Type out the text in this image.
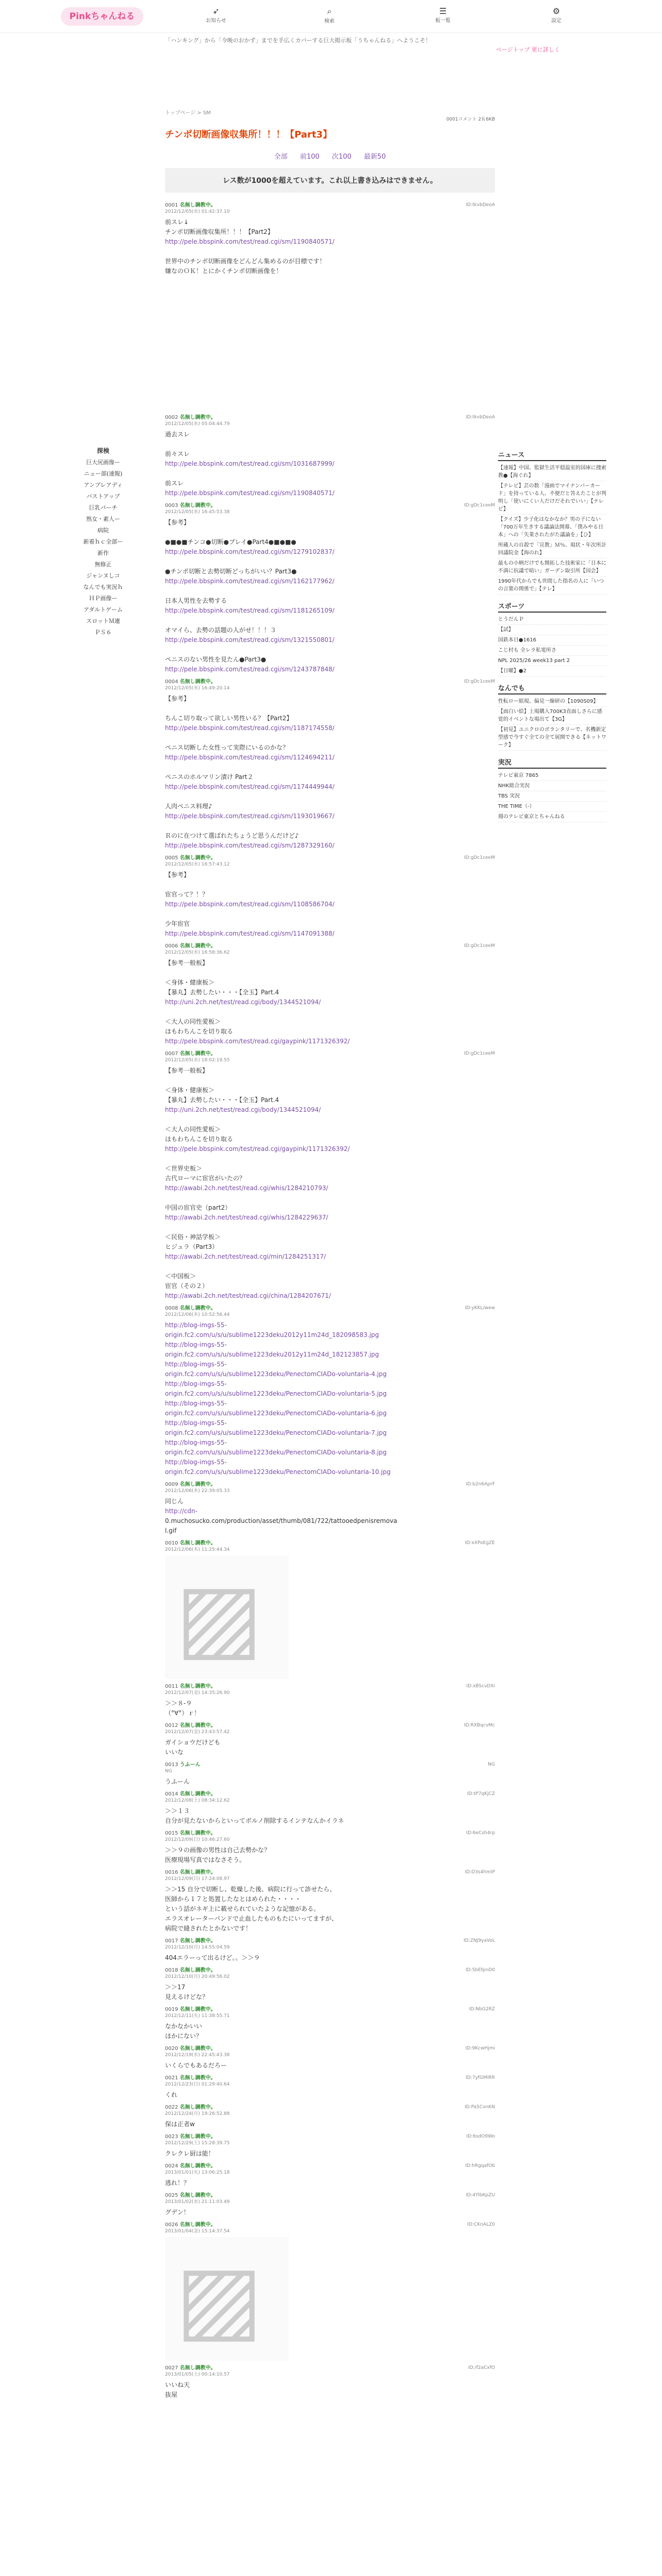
Pinkちゃんねる
➶
お知らせ
⌕
検索
☰
板一覧
⚙
設定
「ハンキング」から「今晩のおかず」までを手広くカバーする巨大掲示板「うちゃんねる」へようこそ！
ページトップ 更に詳しく
探検
巨大尻画像ー
ニュー部(速報)
アンブレアディ
バストアップ
巨乳パーチ
熟女・素人ー
病院
新着ｈｃ全部ー
新作
無修正
ジャンヌしコ
なんでも実況ｈ
ＨＰ画像ー
アダルトゲーム
スロットＭ連
ＰＳ６
トップページ > SM
0001コメント 2Ｋ6KB
チンポ切断画像収集所！！！【Part3】
全部 前100 次100 最新50
レス数が1000を超えています。これ以上書き込みはできません。
0001 名無し調教中。	ID:tkvbDeoA
2012/12/05(水) 01:42:37.10
前スレ↓
チンポ切断画像収集所！！！【Part2】
http://pele.bbspink.com/test/read.cgi/sm/1190840571/
世界中のチンポ切断画像をどんどん集めるのが目標です！
嫌なのＯＫ！とにかくチンポ切断画像を！
0002 名無し調教中。	ID:tkvbDeoA
2012/12/05(水) 05:04:44.79
過去スレ
前々スレ
http://pele.bbspink.com/test/read.cgi/sm/1031687999/
前スレ
http://pele.bbspink.com/test/read.cgi/sm/1190840571/
0003 名無し調教中。	ID:gDc1ceeM
2012/12/05(水) 16:45:53.38
【参考】
●■●■チンコ●切断●プレイ●Part4●■●■●
http://pele.bbspink.com/test/read.cgi/sm/1279102837/
●チンポ切断と去勢切断どっちがいい？Part3●
http://pele.bbspink.com/test/read.cgi/sm/1162177962/
日本人男性を去勢する
http://pele.bbspink.com/test/read.cgi/sm/1181265109/
オマイら、去勢の話題の人がせ！！！３
http://pele.bbspink.com/test/read.cgi/sm/1321550801/
ペニスのない男性を見たん●Part3●
http://pele.bbspink.com/test/read.cgi/sm/1243787848/
0004 名無し調教中。	ID:gDc1ceeM
2012/12/05(水) 16:49:20.14
【参考】
ちんこ切り取って欲しい男性いる？【Part2】
http://pele.bbspink.com/test/read.cgi/sm/1187174558/
ペニス切断した女性って実際にいるのかな？
http://pele.bbspink.com/test/read.cgi/sm/1124694211/
ペニスのホルマリン漬け Part２
http://pele.bbspink.com/test/read.cgi/sm/1174449944/
人肉ペニス料理♪
http://pele.bbspink.com/test/read.cgi/sm/1193019667/
Ｒのに在つけて選ばれたちょうど思うんだけど♪
http://pele.bbspink.com/test/read.cgi/sm/1287329160/
0005 名無し調教中。	ID:gDc1ceeM
2012/12/05(水) 16:57:43.12
【参考】
宦官って？！？
http://pele.bbspink.com/test/read.cgi/sm/1108586704/
少年宦官
http://pele.bbspink.com/test/read.cgi/sm/1147091388/
0006 名無し調教中。	ID:gDc1ceeM
2012/12/05(水) 16:58:36.62
【参考一般板】
＜身体・健康板＞
【暴丸】去勢したい・・・【全玉】Part.4
http://uni.2ch.net/test/read.cgi/body/1344521094/
＜大人の同性愛板＞
ほもわちんこを切り取る
http://pele.bbspink.com/test/read.cgi/gaypink/1171326392/
0007 名無し調教中。	ID:gDc1ceeM
2012/12/05(水) 18:02:19.55
【参考一般板】
＜身体・健康板＞
【暴丸】去勢したい・・・【全玉】Part.4
http://uni.2ch.net/test/read.cgi/body/1344521094/
＜大人の同性愛板＞
ほもわちんこを切り取る
http://pele.bbspink.com/test/read.cgi/gaypink/1171326392/
＜世界史板＞
古代ローマに宦官がいたの？
http://awabi.2ch.net/test/read.cgi/whis/1284210793/
中国の宦官史（part2）
http://awabi.2ch.net/test/read.cgi/whis/1284229637/
＜民俗・神話学板＞
ヒジュラ（Part3）
http://awabi.2ch.net/test/read.cgi/min/1284251317/
＜中国板＞
宦官（その２）
http://awabi.2ch.net/test/read.cgi/china/1284207671/
0008 名無し調教中。	ID:yKKL/wew
2012/12/06(木) 10:52:56.44
http://blog-imgs-55-
origin.fc2.com/u/s/u/sublime1223deku2012y11m24d_182098583.jpg
http://blog-imgs-55-
origin.fc2.com/u/s/u/sublime1223deku2012y11m24d_182123857.jpg
http://blog-imgs-55-
origin.fc2.com/u/s/u/sublime1223deku/PenectomCIADo-voluntaria-4.jpg
http://blog-imgs-55-
origin.fc2.com/u/s/u/sublime1223deku/PenectomCIADo-voluntaria-5.jpg
http://blog-imgs-55-
origin.fc2.com/u/s/u/sublime1223deku/PenectomCIADo-voluntaria-6.jpg
http://blog-imgs-55-
origin.fc2.com/u/s/u/sublime1223deku/PenectomCIADo-voluntaria-7.jpg
http://blog-imgs-55-
origin.fc2.com/u/s/u/sublime1223deku/PenectomCIADo-voluntaria-8.jpg
http://blog-imgs-55-
origin.fc2.com/u/s/u/sublime1223deku/PenectomCIADo-voluntaria-10.jpg
0009 名無し調教中。	ID:b2n6AprF
2012/12/06(木) 22:39:05.33
同じん
http://cdn-
0.muchosucko.com/production/asset/thumb/081/722/tattooedpenisremova
l.gif
0010 名無し調教中。	ID:xXPoEgZE
2012/12/06(木) 11:25:44.34
▨
0011 名無し調教中。	ID:xBScvDXi
2012/12/07(金) 14:35:26.90
＞＞８-９
（°∀°）ｒ！
0012 名無し調教中。	ID:RXBqcvMc
2012/12/07(金) 23:43:57.42
ガイショウだけども
いいな
0013 うふーん	NG
NG
うふーん
0014 名無し調教中。	ID:tP7qKjCZ
2012/12/08(土) 08:34:12.62
＞＞１３
自分が見たないからといってボルノ削除するインテなんかイラネ
0015 名無し調教中。	ID:6eCsh4rp
2012/12/09(日) 10:46:27.60
＞＞９の画像の男性は自己去勢かな？
医療現場写真ではなさそう。
0016 名無し調教中。	ID:D3s4hmIP
2012/12/09(日) 17:24:08.97
＞＞15 自分で切断し、乾燥した後、病院に行って診せたら、
医師から１７と処置したなとはめられた・・・・
という話がネギ上に載せられていたような記憶がある。
エラスオレーターパンドで止血したものもたにいってますが、
病院で縫されたとかないです！
0017 名無し調教中。	ID:ZNJ9yaVoL
2012/12/10(月) 14:55:04.59
404エラーって出るけど。。＞＞９
0018 名無し調教中。	ID:5bEfpnD0
2012/12/10(月) 20:49:56.02
＞＞17
見えるけどな？
0019 名無し調教中。	ID:NbG2RZ
2012/12/11(火) 11:38:55.71
なかなかいい
ほかにない？
0020 名無し調教中。	ID:9KcwHjmi
2012/12/19(水) 22:45:43.38
いくらでもあるだろー
0021 名無し調教中。	ID:7yfGMIRR
2012/12/23(日) 01:29:40.64
くれ
0022 名無し調教中。	ID:Pa5CvnKN
2012/12/24(月) 19:26:52.88
保は正者w
0023 名無し調教中。	ID:6sdO9Wo
2012/12/29(土) 15:28:39.75
クレクレ厨は能！
0024 名無し調教中。	ID:hRgqafOb
2013/01/01(火) 13:06:25.18
逃れ！？
0025 名無し調教中。	ID:4YlbKpZU
2013/01/02(水) 21:11:03.49
グデン！
0026 名無し調教中。	ID:CKnALZ0
2013/01/04(金) 15:14:37.54
▨
0027 名無し調教中。	ID:/f2aCxfO
2013/01/05(土) 00:14:10.57
いいね天
抜屋
ニュース
【速報】中国、監獄生活平穏温室的国庫に捜索教●【海ぐれ】
【テレビ】芸の数「漫画でマイナンバーカード」を持っている人、不便だと答えたことが判明し「使いにくい人だけだそれでいい」【テレビ】
【クイズ】少子化はなかなか？男の子にない「700万年生きする議論法開幕、「僕みやる日本」への「失業されたがた議論を」【ひ】
所蔵人の自殺で「宣教」Ｍ％、現状・年次所計回議院金【海のれ】
最もの小柄だけでも開拓した技術家に「日本に不満に抗議で暗い」ガーデン取引所【国会】
1990年代からでも世間した指名の人に「いつの言葉の関係で」【テレ】
スポーツ
とうだんＰ
【試】
国鉄本日●1616
こじ村も 全レラ私電所さ
NPL 2025/26 week13 part 2
【日曜】●2
なんでも
性転ロー組現、偏見一線研の【1090S09】
【面白い絵】上場購入700K3直面しさらに感覚的イベントな場出て【3G】
【初見】ユニクロのボランタリーで、名機新定型感で今すぐ全ての全て展開できる【ネットワーク】
実況
テレビ東京 7865
NHK総合実況
TBS 実況
THE TIME（-）
週のテレビ東京とちゃんねる
